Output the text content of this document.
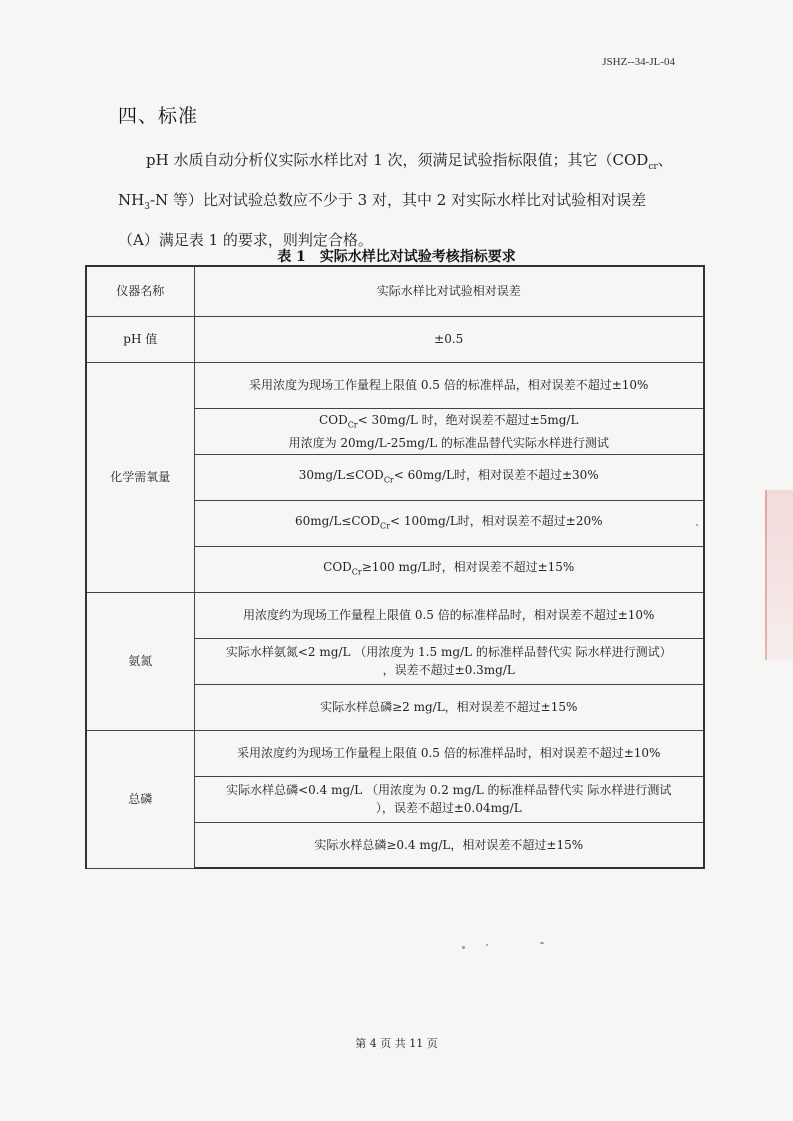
JSHZ--34-JL-04
四、标准
pH 水质自动分析仪实际水样比对 1 次，须满足试验指标限值；其它（$COD_{cr}$、$NH_3-N$ 等）比对试验总数应不少于 3 对，其中 2 对实际水样比对试验相对误差（A）满足表 1 的要求，则判定合格。
表 1　实际水样比对试验考核指标要求
仪器名称	实际水样比对试验相对误差
pH 值	±0.5
化学需氧量	采用浓度为现场工作量程上限值 0.5 倍的标准样品，相对误差不超过±10%
	$COD_{Cr}< 30mg/L$ 时，绝对误差不超过±5mg/L
用浓度为 20mg/L-25mg/L 的标准品替代实际水样进行测试
	$30mg/L\le COD_{Cr}< 60mg/L$时，相对误差不超过±30%
	$60mg/L\le COD_{Cr}< 100mg/L$时，相对误差不超过±20%
	$COD_{Cr}\ge 100$ mg/L时，相对误差不超过±15%
氨氮	用浓度约为现场工作量程上限值 0.5 倍的标准样品时，相对误差不超过±10%
	实际水样氨氮<2 mg/L （用浓度为 1.5 mg/L 的标准样品替代实 际水样进行测试）
，误差不超过±0.3mg/L
	实际水样总磷≥2 mg/L，相对误差不超过±15%
总磷	采用浓度约为现场工作量程上限值 0.5 倍的标准样品时，相对误差不超过±10%
	实际水样总磷<0.4 mg/L （用浓度为 0.2 mg/L 的标准样品替代实 际水样进行测试
），误差不超过±0.04mg/L
	实际水样总磷≥0.4 mg/L，相对误差不超过±15%
第 4 页 共 11 页
